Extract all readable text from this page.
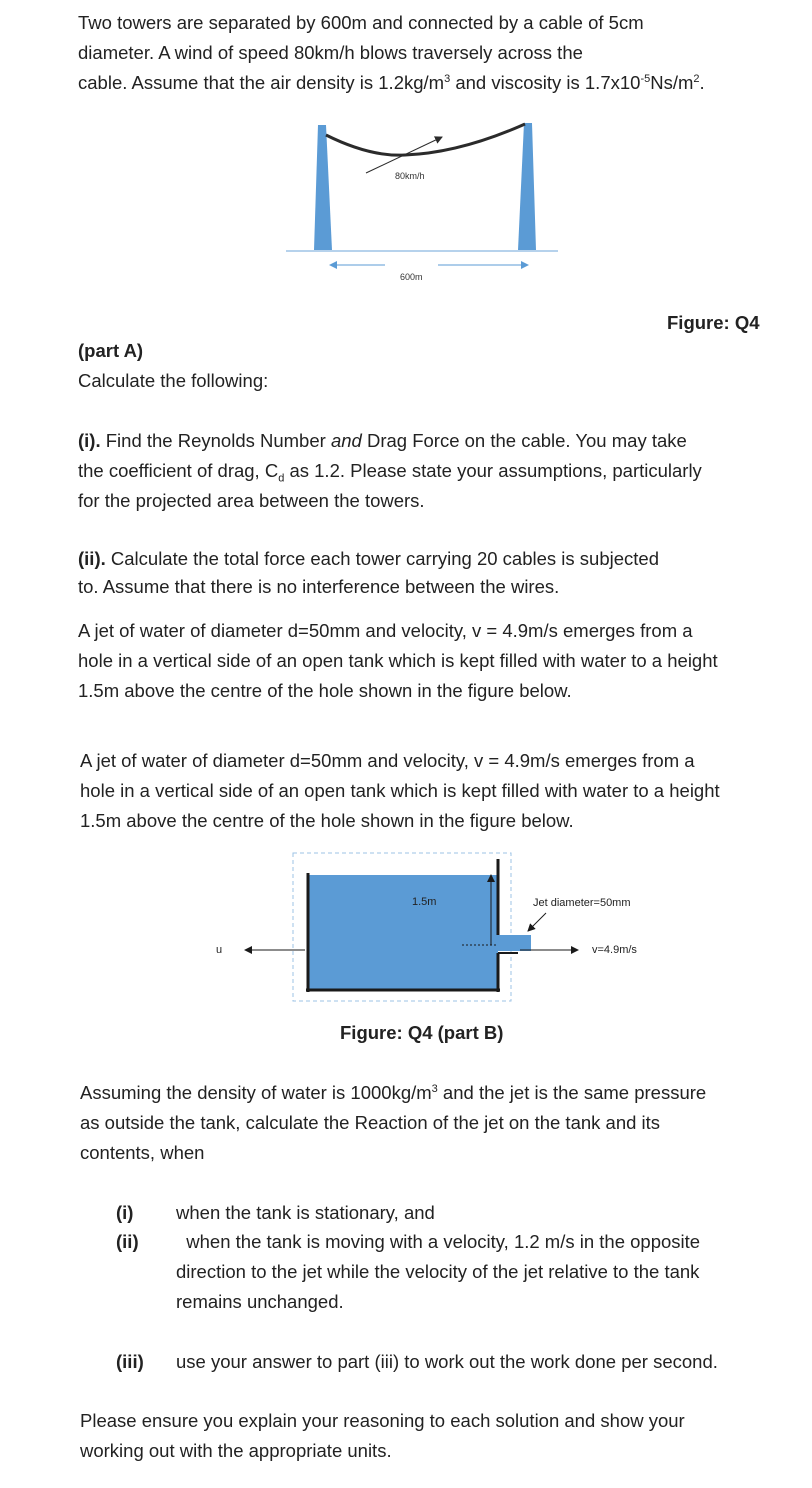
Two towers are separated by 600m and connected by a cable of 5cm
diameter. A wind of speed 80km/h blows traversely across the
cable. Assume that the air density is $1.2kg/m^3$ and viscosity is $1.7x10^{-5}Ns/m^2$.
80km/h
600m
Figure: Q4
(part A)
Calculate the following:
(i). Find the Reynolds Number and Drag Force on the cable. You may take
the coefficient of drag, $C_d$ as 1.2. Please state your assumptions, particularly
for the projected area between the towers.
(ii). Calculate the total force each tower carrying 20 cables is subjected
to. Assume that there is no interference between the wires.
A jet of water of diameter d=50mm and velocity, v = 4.9m/s emerges from a
hole in a vertical side of an open tank which is kept filled with water to a height
1.5m above the centre of the hole shown in the figure below.
A jet of water of diameter d=50mm and velocity, v = 4.9m/s emerges from a
hole in a vertical side of an open tank which is kept filled with water to a height
1.5m above the centre of the hole shown in the figure below.
1.5m	Jet diameter=50mm
v=4.9m/s
u
Figure: Q4 (part B)
Assuming the density of water is $1000kg/m^3$ and the jet is the same pressure
as outside the tank, calculate the Reaction of the jet on the tank and its
contents, when
(i) when the tank is stationary, and
(ii) when the tank is moving with a velocity, 1.2 m/s in the opposite
direction to the jet while the velocity of the jet relative to the tank
remains unchanged.
(iii) use your answer to part (iii) to work out the work done per second.
Please ensure you explain your reasoning to each solution and show your
working out with the appropriate units.
